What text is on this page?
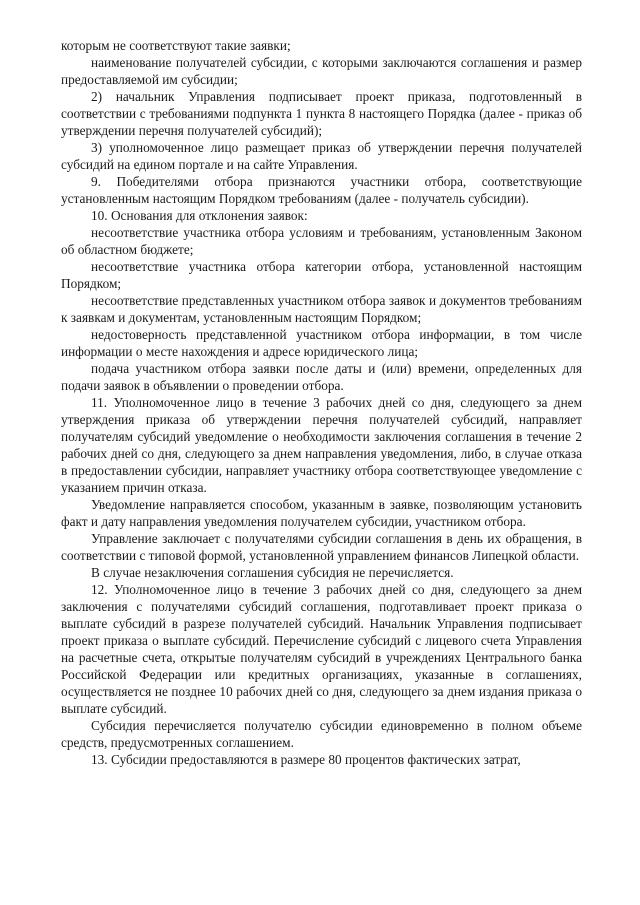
которым не соответствуют такие заявки;

наименование получателей субсидии, с которыми заключаются соглашения и размер предоставляемой им субсидии;

2) начальник Управления подписывает проект приказа, подготовленный в соответствии с требованиями подпункта 1 пункта 8 настоящего Порядка (далее - приказ об утверждении перечня получателей субсидий);

3) уполномоченное лицо размещает приказ об утверждении перечня получателей субсидий на едином портале и на сайте Управления.

9. Победителями отбора признаются участники отбора, соответствующие установленным настоящим Порядком требованиям (далее - получатель субсидии).

10. Основания для отклонения заявок:

несоответствие участника отбора условиям и требованиям, установленным Законом об областном бюджете;

несоответствие участника отбора категории отбора, установленной настоящим Порядком;

несоответствие представленных участником отбора заявок и документов требованиям к заявкам и документам, установленным настоящим Порядком;

недостоверность представленной участником отбора информации, в том числе информации о месте нахождения и адресе юридического лица;

подача участником отбора заявки после даты и (или) времени, определенных для подачи заявок в объявлении о проведении отбора.

11. Уполномоченное лицо в течение 3 рабочих дней со дня, следующего за днем утверждения приказа об утверждении перечня получателей субсидий, направляет получателям субсидий уведомление о необходимости заключения соглашения в течение 2 рабочих дней со дня, следующего за днем направления уведомления, либо, в случае отказа в предоставлении субсидии, направляет участнику отбора соответствующее уведомление с указанием причин отказа.

Уведомление направляется способом, указанным в заявке, позволяющим установить факт и дату направления уведомления получателем субсидии, участником отбора.

Управление заключает с получателями субсидии соглашения в день их обращения, в соответствии с типовой формой, установленной управлением финансов Липецкой области.

В случае незаключения соглашения субсидия не перечисляется.

12. Уполномоченное лицо в течение 3 рабочих дней со дня, следующего за днем заключения с получателями субсидий соглашения, подготавливает проект приказа о выплате субсидий в разрезе получателей субсидий. Начальник Управления подписывает проект приказа о выплате субсидий. Перечисление субсидий с лицевого счета Управления на расчетные счета, открытые получателям субсидий в учреждениях Центрального банка Российской Федерации или кредитных организациях, указанные в соглашениях, осуществляется не позднее 10 рабочих дней со дня, следующего за днем издания приказа о выплате субсидий.

Субсидия перечисляется получателю субсидии единовременно в полном объеме средств, предусмотренных соглашением.

13. Субсидии предоставляются в размере 80 процентов фактических затрат,
